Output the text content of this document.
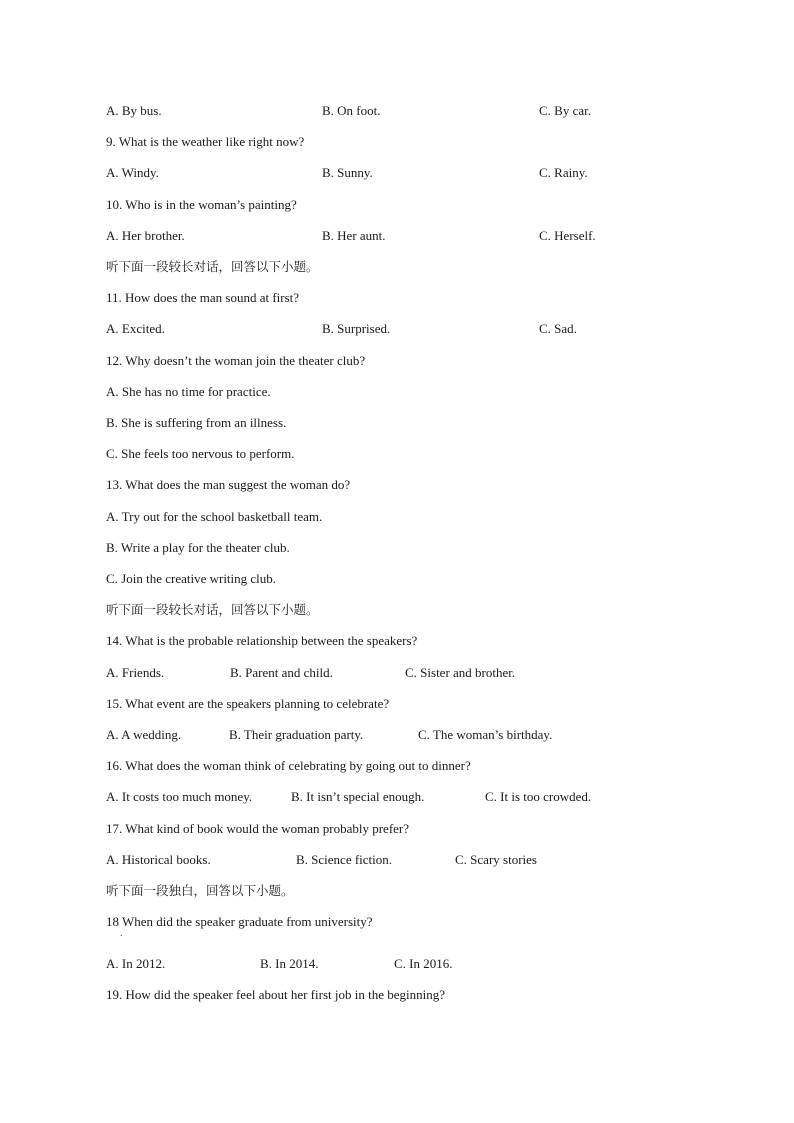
A. By bus.	B. On foot.	C. By car.
9. What is the weather like right now?
A. Windy.	B. Sunny.	C. Rainy.
10. Who is in the woman’s painting?
A. Her brother.	B. Her aunt.	C. Herself.
听下面一段较长对话，回答以下小题。
11. How does the man sound at first?
A. Excited.	B. Surprised.	C. Sad.
12. Why doesn’t the woman join the theater club?
A. She has no time for practice.
B. She is suffering from an illness.
C. She feels too nervous to perform.
13. What does the man suggest the woman do?
A. Try out for the school basketball team.
B. Write a play for the theater club.
C. Join the creative writing club.
听下面一段较长对话，回答以下小题。
14. What is the probable relationship between the speakers?
A. Friends.	B. Parent and child.	C. Sister and brother.
15. What event are the speakers planning to celebrate?
A. A wedding.	B. Their graduation party.	C. The woman’s birthday.
16. What does the woman think of celebrating by going out to dinner?
A. It costs too much money.	B. It isn’t special enough.	C. It is too crowded.
17. What kind of book would the woman probably prefer?
A. Historical books.	B. Science fiction.	C. Scary stories
听下面一段独白，回答以下小题。
18 When did the speaker graduate from university?
．
A. In 2012.	B. In 2014.	C. In 2016.
19. How did the speaker feel about her first job in the beginning?
